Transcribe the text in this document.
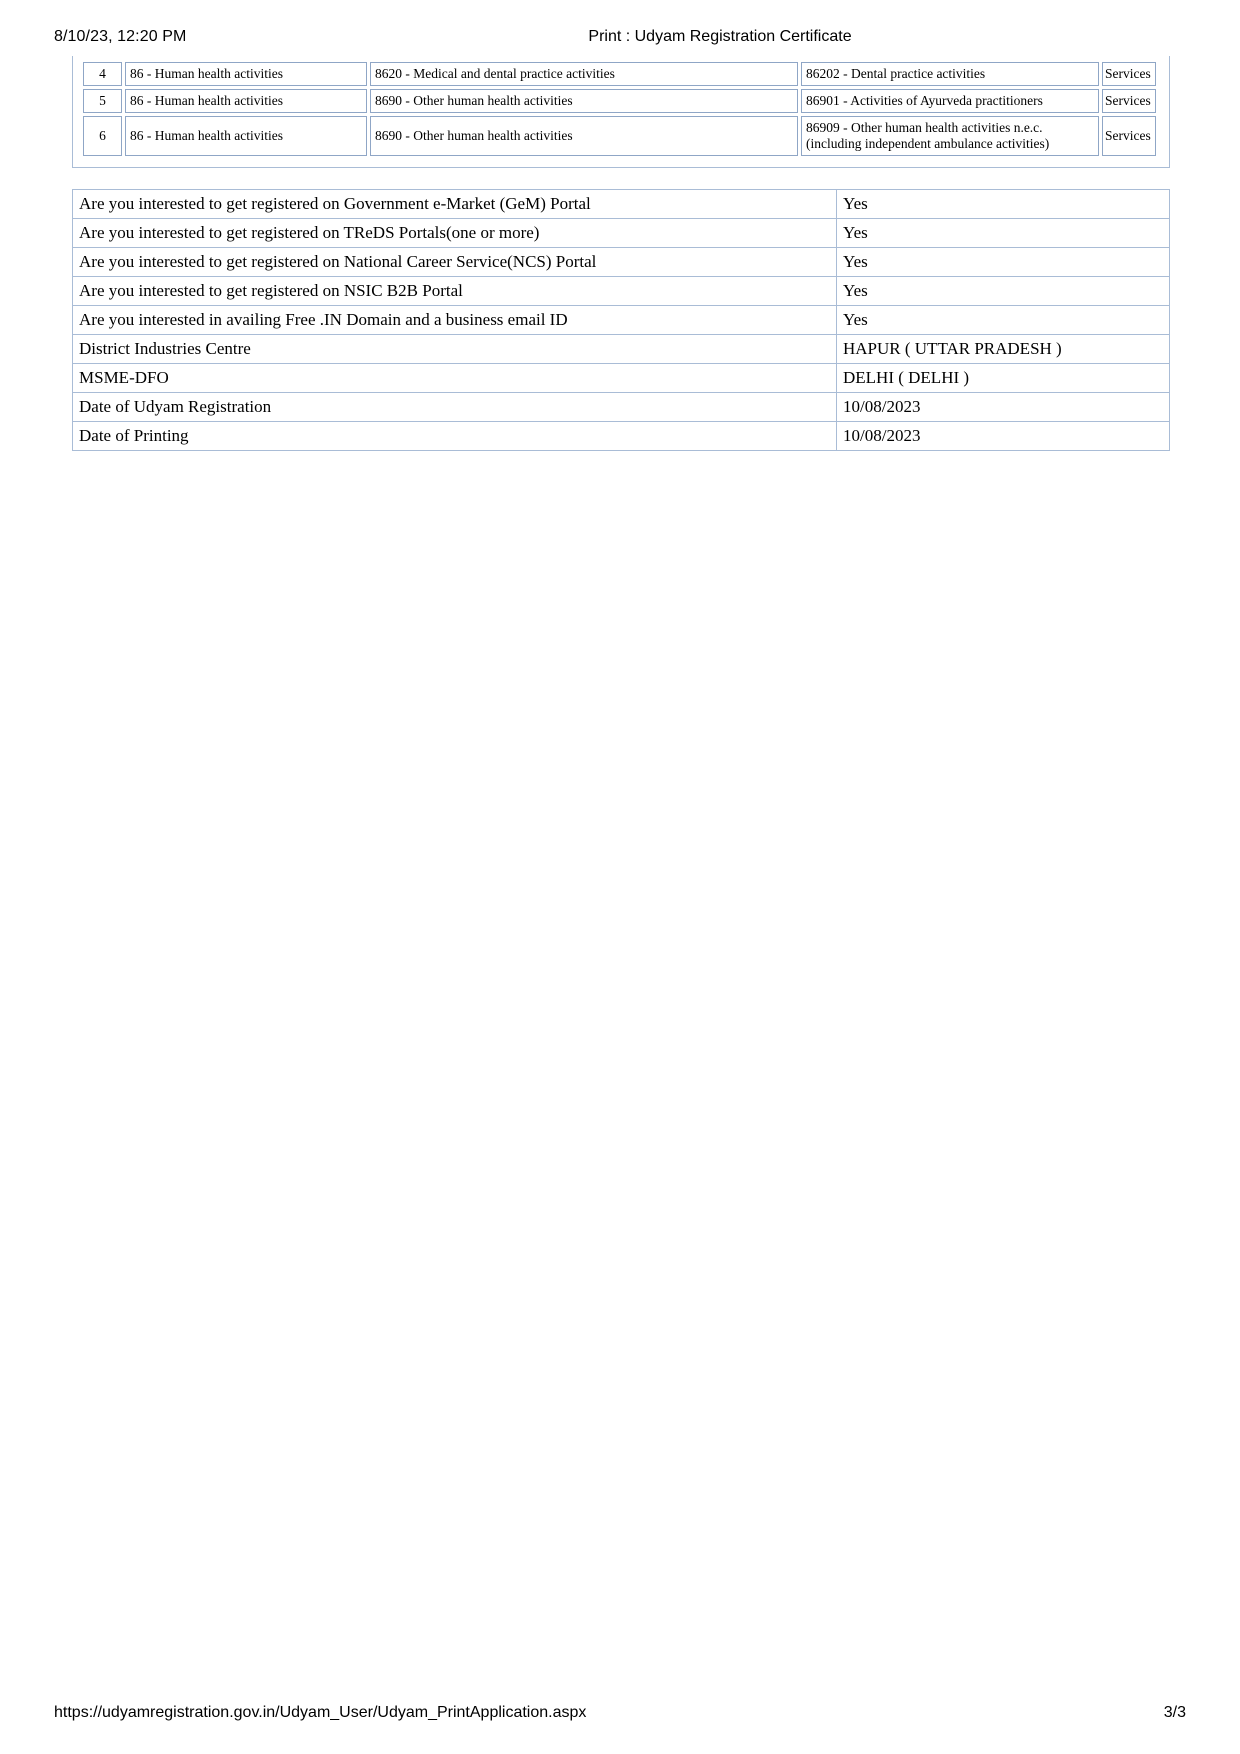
8/10/23, 12:20 PM	Print : Udyam Registration Certificate
4	86 - Human health activities	8620 - Medical and dental practice activities	86202 - Dental practice activities	Services
5	86 - Human health activities	8690 - Other human health activities	86901 - Activities of Ayurveda practitioners	Services
6	86 - Human health activities	8690 - Other human health activities	86909 - Other human health activities n.e.c.
(including independent ambulance activities)	Services
Are you interested to get registered on Government e-Market (GeM) Portal	Yes
Are you interested to get registered on TReDS Portals(one or more)	Yes
Are you interested to get registered on National Career Service(NCS) Portal	Yes
Are you interested to get registered on NSIC B2B Portal	Yes
Are you interested in availing Free .IN Domain and a business email ID	Yes
District Industries Centre	HAPUR ( UTTAR PRADESH )
MSME-DFO	DELHI ( DELHI )
Date of Udyam Registration	10/08/2023
Date of Printing	10/08/2023
https://udyamregistration.gov.in/Udyam_User/Udyam_PrintApplication.aspx	3/3
